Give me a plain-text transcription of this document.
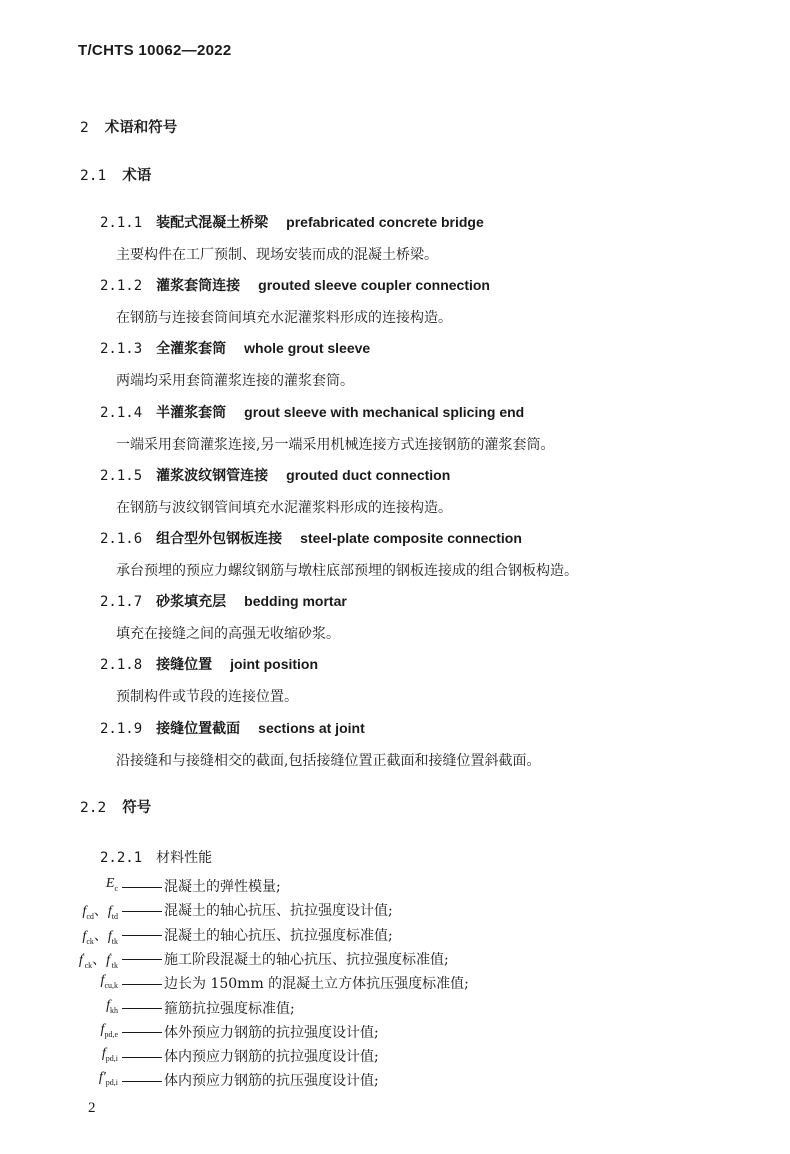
T/CHTS 10062—2022
2 术语和符号
2.1 术语
2.1.1 装配式混凝土桥梁 prefabricated concrete bridge
主要构件在工厂预制、现场安装而成的混凝土桥梁。
2.1.2 灌浆套筒连接 grouted sleeve coupler connection
在钢筋与连接套筒间填充水泥灌浆料形成的连接构造。
2.1.3 全灌浆套筒 whole grout sleeve
两端均采用套筒灌浆连接的灌浆套筒。
2.1.4 半灌浆套筒 grout sleeve with mechanical splicing end
一端采用套筒灌浆连接,另一端采用机械连接方式连接钢筋的灌浆套筒。
2.1.5 灌浆波纹钢管连接 grouted duct connection
在钢筋与波纹钢管间填充水泥灌浆料形成的连接构造。
2.1.6 组合型外包钢板连接 steel-plate composite connection
承台预埋的预应力螺纹钢筋与墩柱底部预埋的钢板连接成的组合钢板构造。
2.1.7 砂浆填充层 bedding mortar
填充在接缝之间的高强无收缩砂浆。
2.1.8 接缝位置 joint position
预制构件或节段的连接位置。
2.1.9 接缝位置截面 sections at joint
沿接缝和与接缝相交的截面,包括接缝位置正截面和接缝位置斜截面。
2.2 符号
2.2.1 材料性能
$E_c$	混凝土的弹性模量;
$f_{cd}$、$f_{td}$	混凝土的轴心抗压、抗拉强度设计值;
$f_{ck}$、$f_{tk}$	混凝土的轴心抗压、抗拉强度标准值;
$f'_{ck}$、$f'_{tk}$	施工阶段混凝土的轴心抗压、抗拉强度标准值;
$f_{cu,k}$	边长为 150mm 的混凝土立方体抗压强度标准值;
$f_{kh}$	箍筋抗拉强度标准值;
$f_{pd,e}$	体外预应力钢筋的抗拉强度设计值;
$f_{pd,i}$	体内预应力钢筋的抗拉强度设计值;
$f'_{pd,i}$	体内预应力钢筋的抗压强度设计值;
2
